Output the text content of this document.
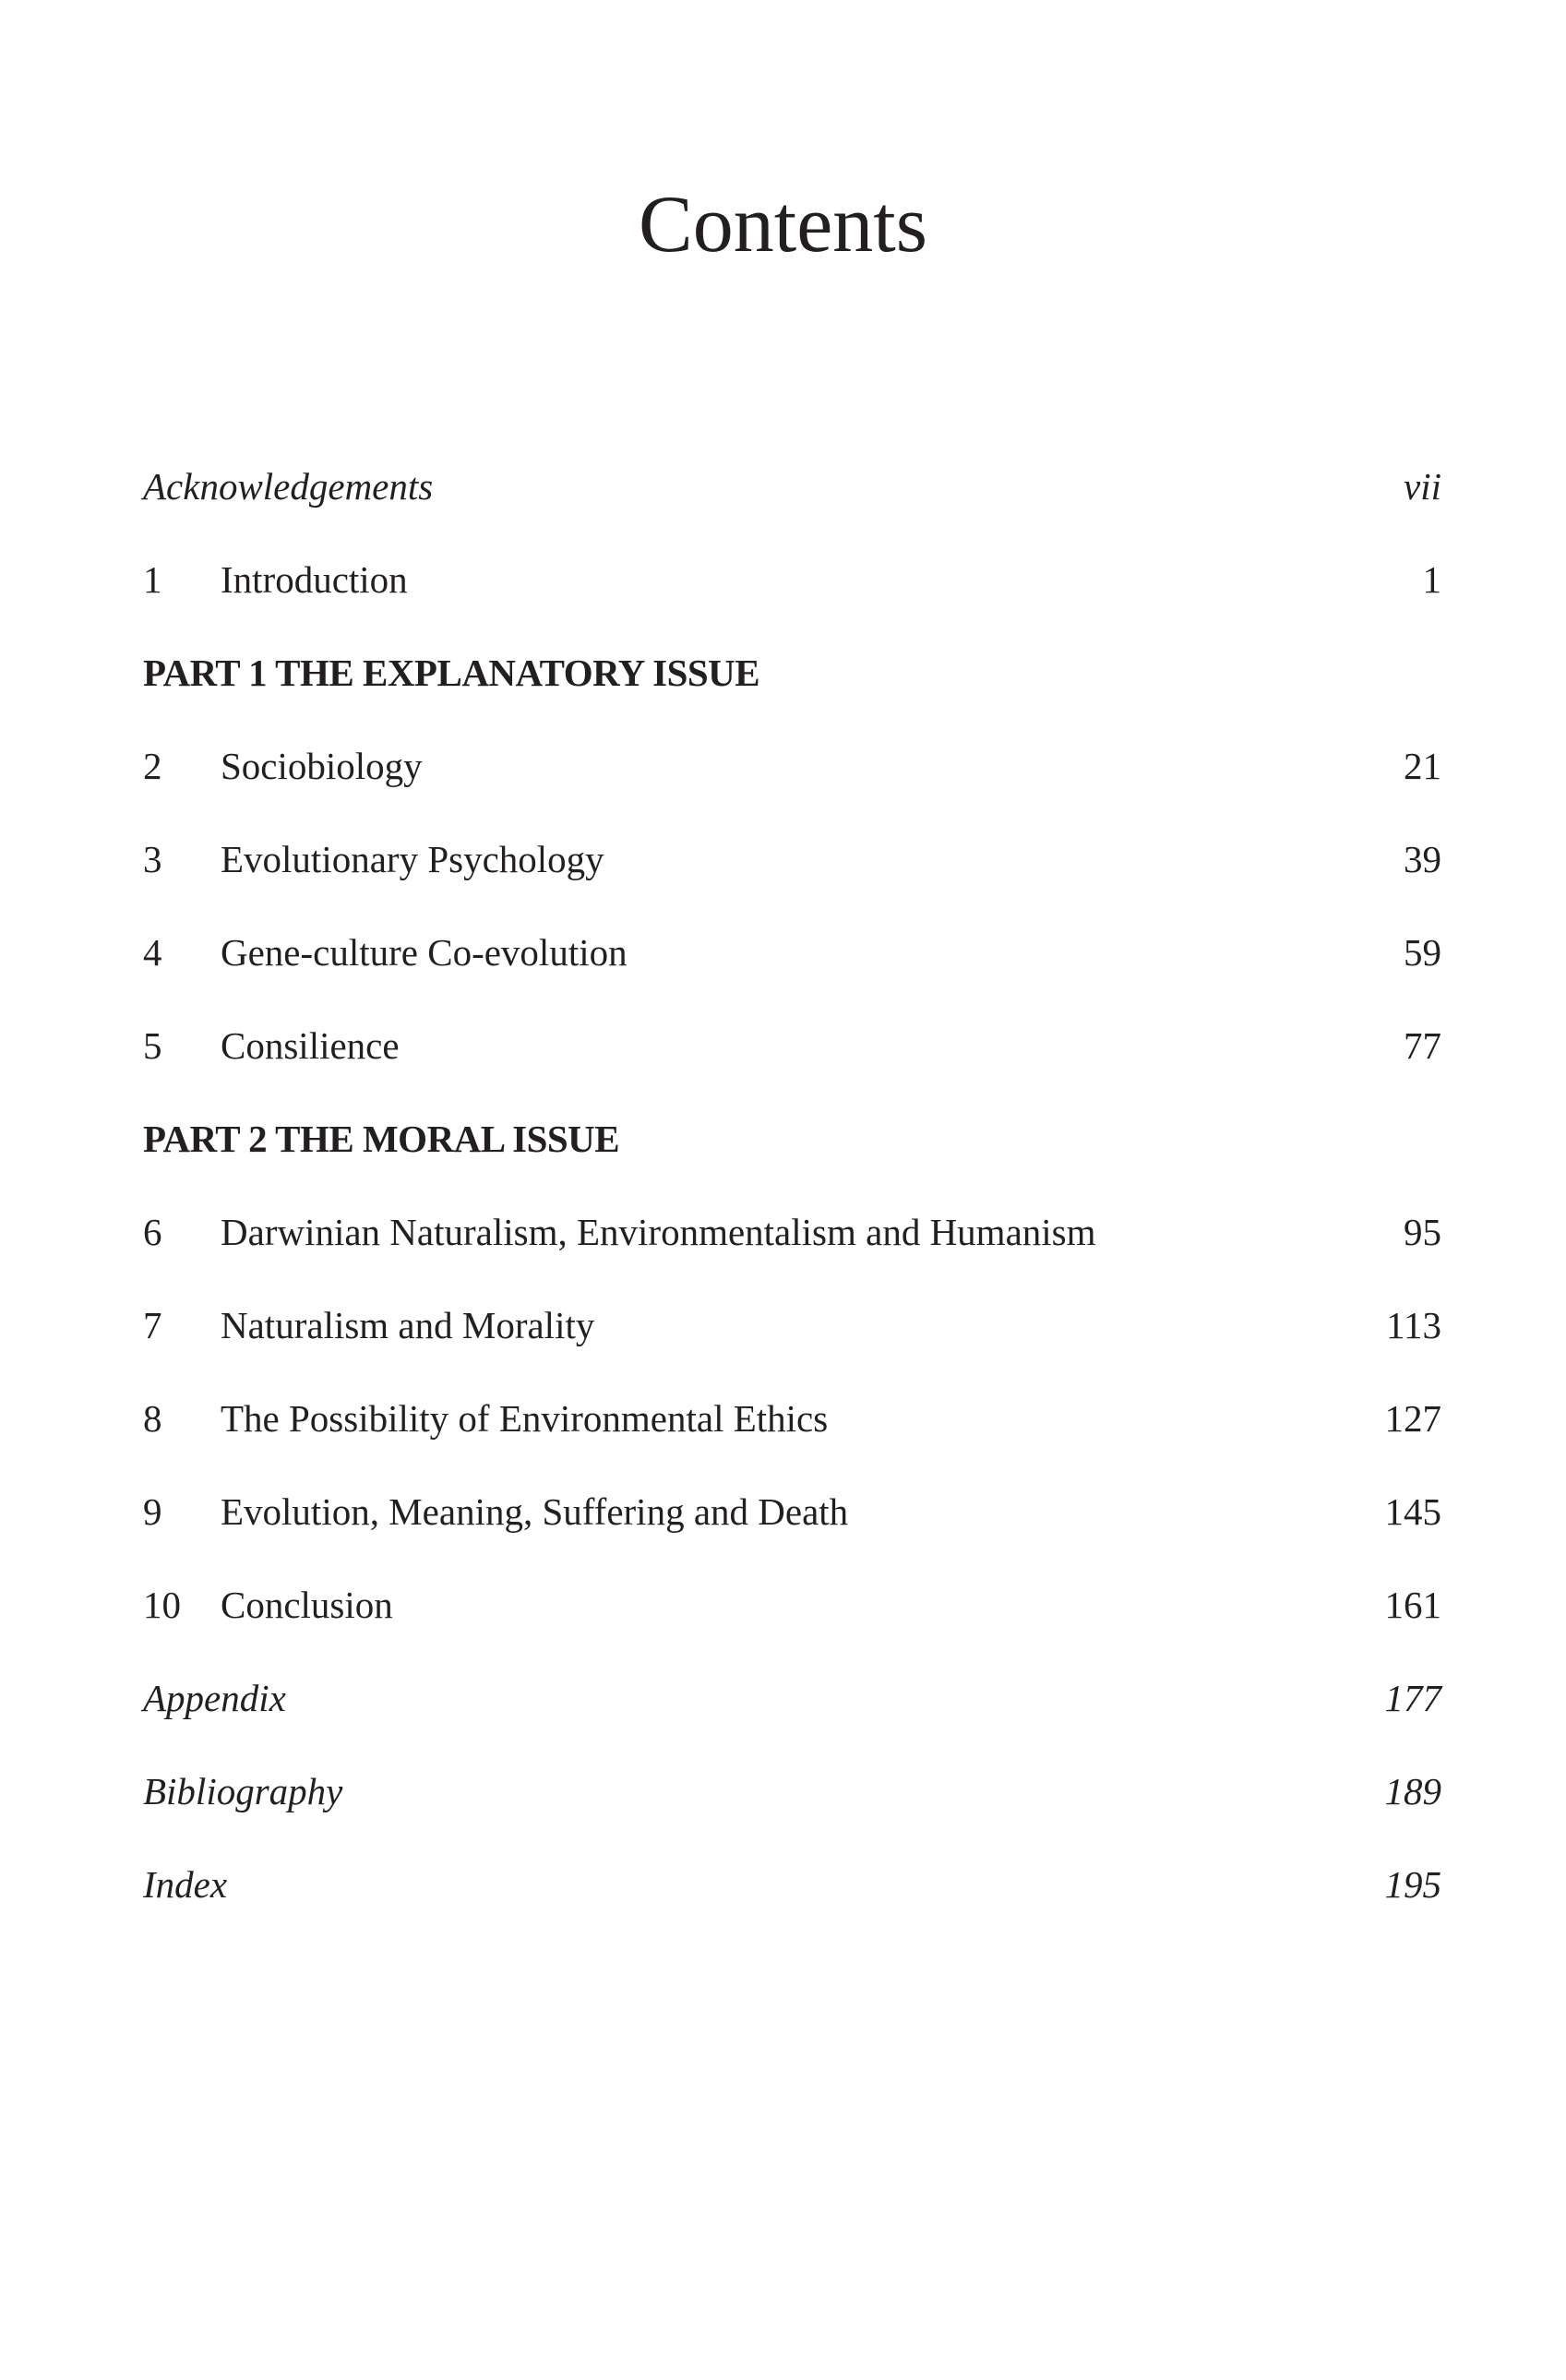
Contents
Acknowledgements	vii
1 Introduction	1
PART 1 THE EXPLANATORY ISSUE
2 Sociobiology	21
3 Evolutionary Psychology	39
4 Gene-culture Co-evolution	59
5 Consilience	77
PART 2 THE MORAL ISSUE
6 Darwinian Naturalism, Environmentalism and Humanism	95
7 Naturalism and Morality	113
8 The Possibility of Environmental Ethics	127
9 Evolution, Meaning, Suffering and Death	145
10 Conclusion	161
Appendix	177
Bibliography	189
Index	195
